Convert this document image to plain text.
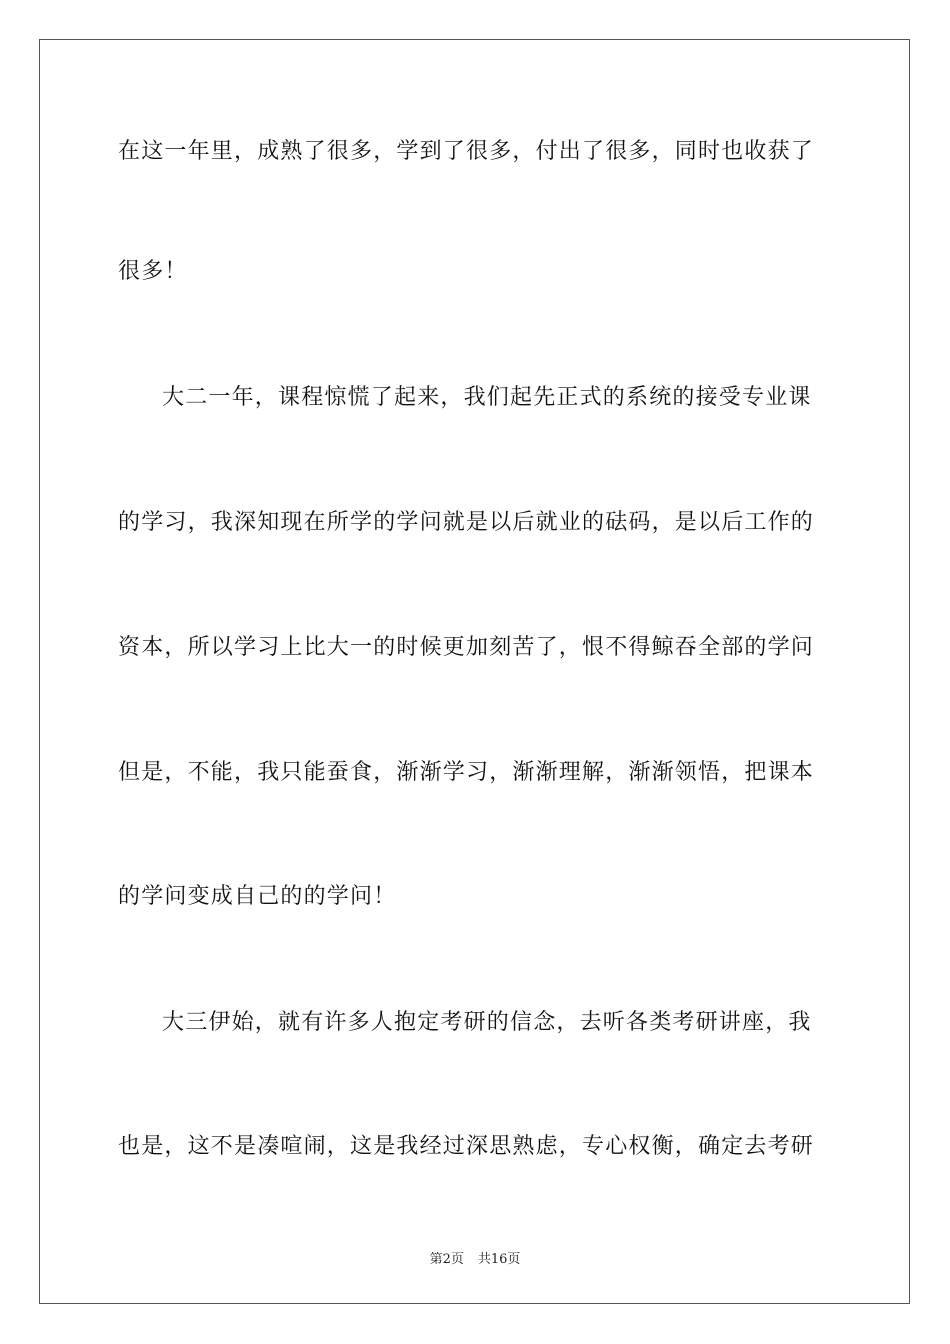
在这一年里，成熟了很多，学到了很多，付出了很多，同时也收获了
很多！
大二一年，课程惊慌了起来，我们起先正式的系统的接受专业课
的学习，我深知现在所学的学问就是以后就业的砝码，是以后工作的
资本，所以学习上比大一的时候更加刻苦了，恨不得鲸吞全部的学问
但是，不能，我只能蚕食，渐渐学习，渐渐理解，渐渐领悟，把课本
的学问变成自己的的学问！
大三伊始，就有许多人抱定考研的信念，去听各类考研讲座，我
也是，这不是凑喧闹，这是我经过深思熟虑，专心权衡，确定去考研
第2页 共16页
